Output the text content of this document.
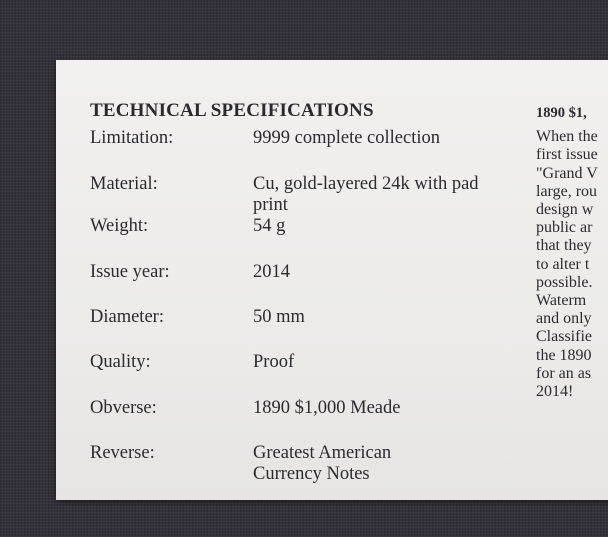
TECHNICAL SPECIFICATIONS
Limitation:	9999 complete collection
Material:	Cu, gold-layered 24k with pad print
Weight:	54 g
Issue year:	2014
Diameter:	50 mm
Quality:	Proof
Obverse:	1890 $1,000 Meade
Reverse:	Greatest American Currency Notes
1890 $1,
When the
first issue
"Grand V
large, rou
design w
public ar
that they
to alter t
possible.
Waterm
and only
Classifie
the 1890
for an as
2014!
